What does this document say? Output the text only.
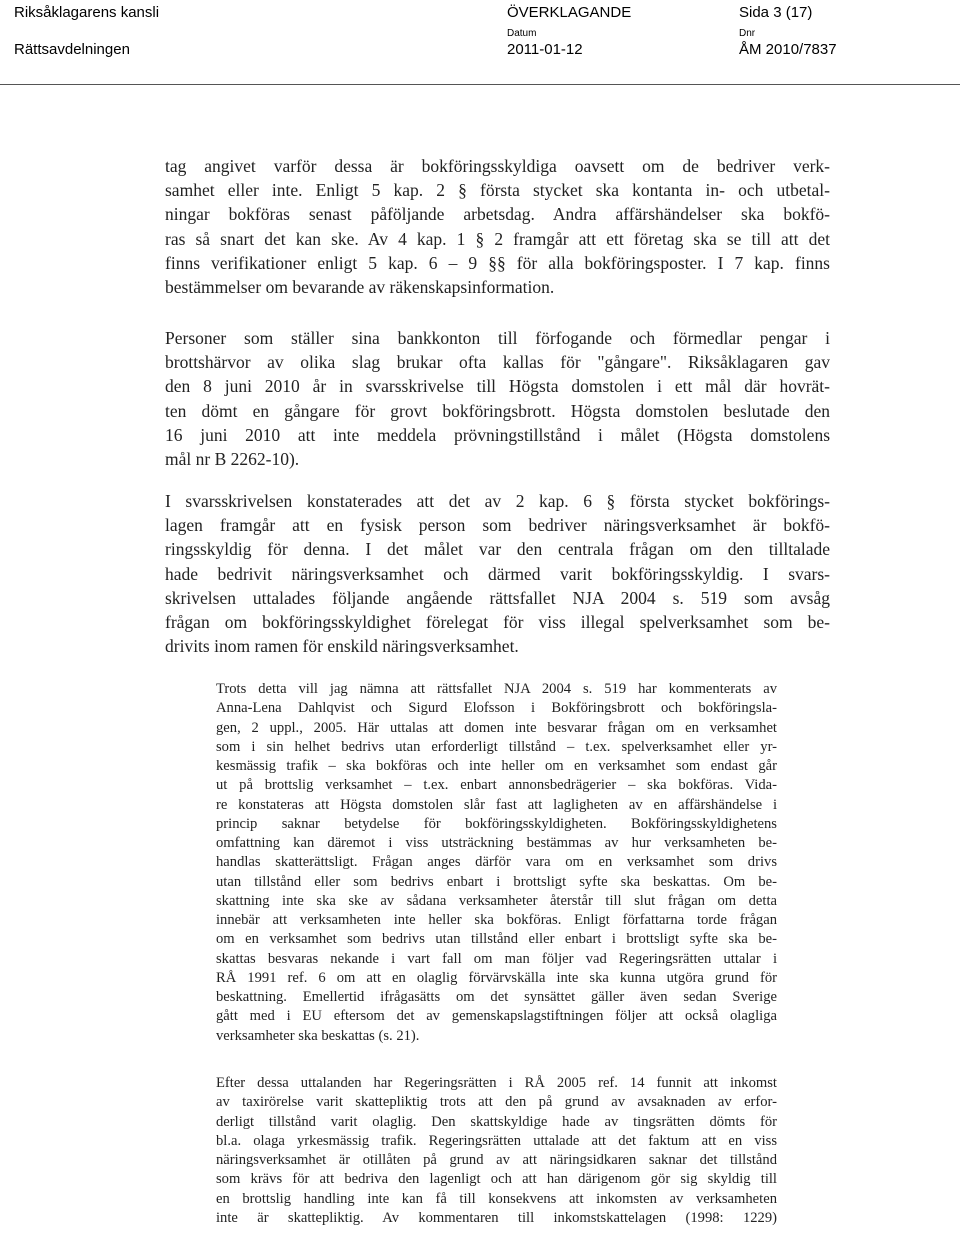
Riksåklagarens kansli
Rättsavdelningen
ÖVERKLAGANDE
Datum
2011-01-12
Sida 3 (17)
Dnr
ÅM 2010/7837
tag angivet varför dessa är bokföringsskyldiga oavsett om de bedriver verk-
samhet eller inte. Enligt 5 kap. 2 § första stycket ska kontanta in- och utbetal-
ningar bokföras senast påföljande arbetsdag. Andra affärshändelser ska bokfö-
ras så snart det kan ske. Av 4 kap. 1 § 2 framgår att ett företag ska se till att det
finns verifikationer enligt 5 kap. 6 – 9 §§ för alla bokföringsposter. I 7 kap. finns
bestämmelser om bevarande av räkenskapsinformation.
Personer som ställer sina bankkonton till förfogande och förmedlar pengar i
brottshärvor av olika slag brukar ofta kallas för "gångare". Riksåklagaren gav
den 8 juni 2010 år in svarsskrivelse till Högsta domstolen i ett mål där hovrät-
ten dömt en gångare för grovt bokföringsbrott. Högsta domstolen beslutade den
16 juni 2010 att inte meddela prövningstillstånd i målet (Högsta domstolens
mål nr B 2262-10).
I svarsskrivelsen konstaterades att det av 2 kap. 6 § första stycket bokförings-
lagen framgår att en fysisk person som bedriver näringsverksamhet är bokfö-
ringsskyldig för denna. I det målet var den centrala frågan om den tilltalade
hade bedrivit näringsverksamhet och därmed varit bokföringsskyldig. I svars-
skrivelsen uttalades följande angående rättsfallet NJA 2004 s. 519 som avsåg
frågan om bokföringsskyldighet förelegat för viss illegal spelverksamhet som be-
drivits inom ramen för enskild näringsverksamhet.
Trots detta vill jag nämna att rättsfallet NJA 2004 s. 519 har kommenterats av
Anna-Lena Dahlqvist och Sigurd Elofsson i Bokföringsbrott och bokföringsla-
gen, 2 uppl., 2005. Här uttalas att domen inte besvarar frågan om en verksamhet
som i sin helhet bedrivs utan erforderligt tillstånd – t.ex. spelverksamhet eller yr-
kesmässig trafik – ska bokföras och inte heller om en verksamhet som endast går
ut på brottslig verksamhet – t.ex. enbart annonsbedrägerier – ska bokföras. Vida-
re konstateras att Högsta domstolen slår fast att lagligheten av en affärshändelse i
princip saknar betydelse för bokföringsskyldigheten. Bokföringsskyldighetens
omfattning kan däremot i viss utsträckning bestämmas av hur verksamheten be-
handlas skatterättsligt. Frågan anges därför vara om en verksamhet som drivs
utan tillstånd eller som bedrivs enbart i brottsligt syfte ska beskattas. Om be-
skattning inte ska ske av sådana verksamheter återstår till slut frågan om detta
innebär att verksamheten inte heller ska bokföras. Enligt författarna torde frågan
om en verksamhet som bedrivs utan tillstånd eller enbart i brottsligt syfte ska be-
skattas besvaras nekande i vart fall om man följer vad Regeringsrätten uttalar i
RÅ 1991 ref. 6 om att en olaglig förvärvskälla inte ska kunna utgöra grund för
beskattning. Emellertid ifrågasätts om det synsättet gäller även sedan Sverige
gått med i EU eftersom det av gemenskapslagstiftningen följer att också olagliga
verksamheter ska beskattas (s. 21).
Efter dessa uttalanden har Regeringsrätten i RÅ 2005 ref. 14 funnit att inkomst
av taxirörelse varit skattepliktig trots att den på grund av avsaknaden av erfor-
derligt tillstånd varit olaglig. Den skattskyldige hade av tingsrätten dömts för
bl.a. olaga yrkesmässig trafik. Regeringsrätten uttalade att det faktum att en viss
näringsverksamhet är otillåten på grund av att näringsidkaren saknar det tillstånd
som krävs för att bedriva den lagenligt och att han därigenom gör sig skyldig till
en brottslig handling inte kan få till konsekvens att inkomsten av verksamheten
inte är skattepliktig. Av kommentaren till inkomstskattelagen (1998: 1229)
